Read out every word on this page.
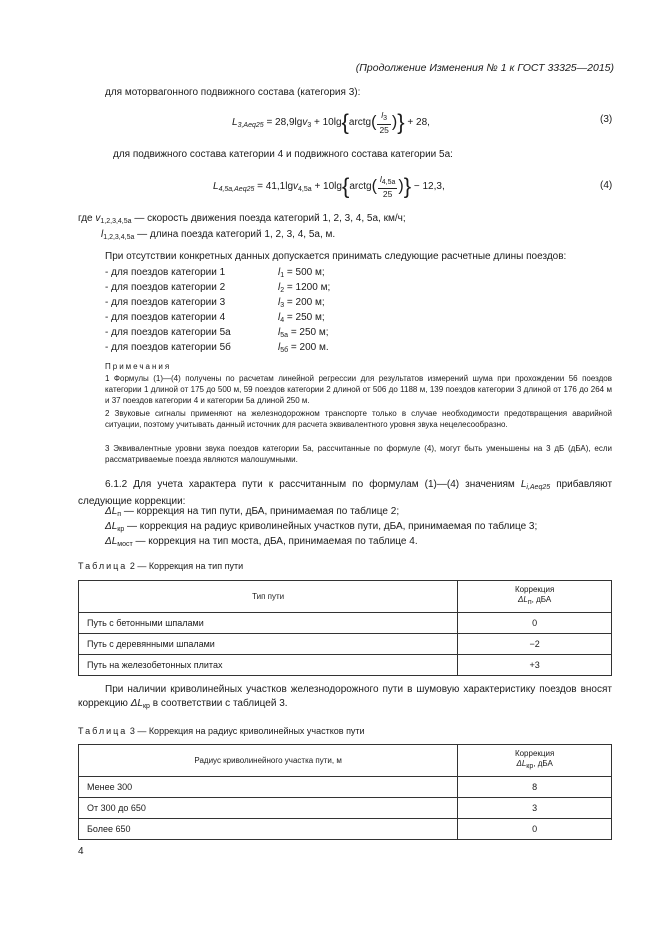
(Продолжение Изменения № 1 к ГОСТ 33325—2015)
для моторвагонного подвижного состава (категория 3):
$L_{3,Aeq25} = 28,9\lg v_3$ + 10lg{arctg( $\frac{l_3}{25}$ )} + 28,	(3)
для подвижного состава категории 4 и подвижного состава категории 5а:
$L_{4,5a,Aeq25} = 41,1\lg v_{4,5a}$ + 10lg{arctg( $\frac{l_{4,5a}}{25}$ )} − 12,3,	(4)
где $v_{1,2,3,4,5a}$ — скорость движения поезда категорий 1, 2, 3, 4, 5а, км/ч;
$l_{1,2,3,4,5a}$ — длина поезда категорий 1, 2, 3, 4, 5а, м.
При отсутствии конкретных данных допускается принимать следующие расчетные длины поездов:
- для поездов категории 1	$l_1 = 500$ м;
- для поездов категории 2	$l_2 = 1200$ м;
- для поездов категории 3	$l_3 = 200$ м;
- для поездов категории 4	$l_4 = 250$ м;
- для поездов категории 5а	$l_{5а} = 250$ м;
- для поездов категории 5б	$l_{5б} = 200$ м.
Примечания
1 Формулы (1)—(4) получены по расчетам линейной регрессии для результатов измерений шума при прохождении 56 поездов категории 1 длиной от 175 до 500 м, 59 поездов категории 2 длиной от 506 до 1188 м, 139 поездов категории 3 длиной от 176 до 264 м и 37 поездов категории 4 и категории 5а длиной 250 м.
2 Звуковые сигналы применяют на железнодорожном транспорте только в случае необходимости предотвращения аварийной ситуации, поэтому учитывать данный источник для расчета эквивалентного уровня звука нецелесообразно.
3 Эквивалентные уровни звука поездов категории 5а, рассчитанные по формуле (4), могут быть уменьшены на 3 дБ (дБА), если рассматриваемые поезда являются малошумными.
6.1.2 Для учета характера пути к рассчитанным по формулам (1)—(4) значениям $L_{i,Aeq25}$ прибавляют следующие коррекции:
$\Delta L_п$ — коррекция на тип пути, дБА, принимаемая по таблице 2;
$\Delta L_{кр}$ — коррекция на радиус криволинейных участков пути, дБА, принимаемая по таблице 3;
$\Delta L_{мост}$ — коррекция на тип моста, дБА, принимаемая по таблице 4.
Таблица 2 — Коррекция на тип пути
Тип пути	Коррекция
$\Delta L_п$, дБА
Путь с бетонными шпалами	0
Путь с деревянными шпалами	−2
Путь на железобетонных плитах	+3
При наличии криволинейных участков железнодорожного пути в шумовую характеристику поездов вносят коррекцию $\Delta L_{кр}$ в соответствии с таблицей 3.
Таблица 3 — Коррекция на радиус криволинейных участков пути
Радиус криволинейного участка пути, м	Коррекция
$\Delta L_{кр}$, дБА
Менее 300	8
От 300 до 650	3
Более 650	0
4
